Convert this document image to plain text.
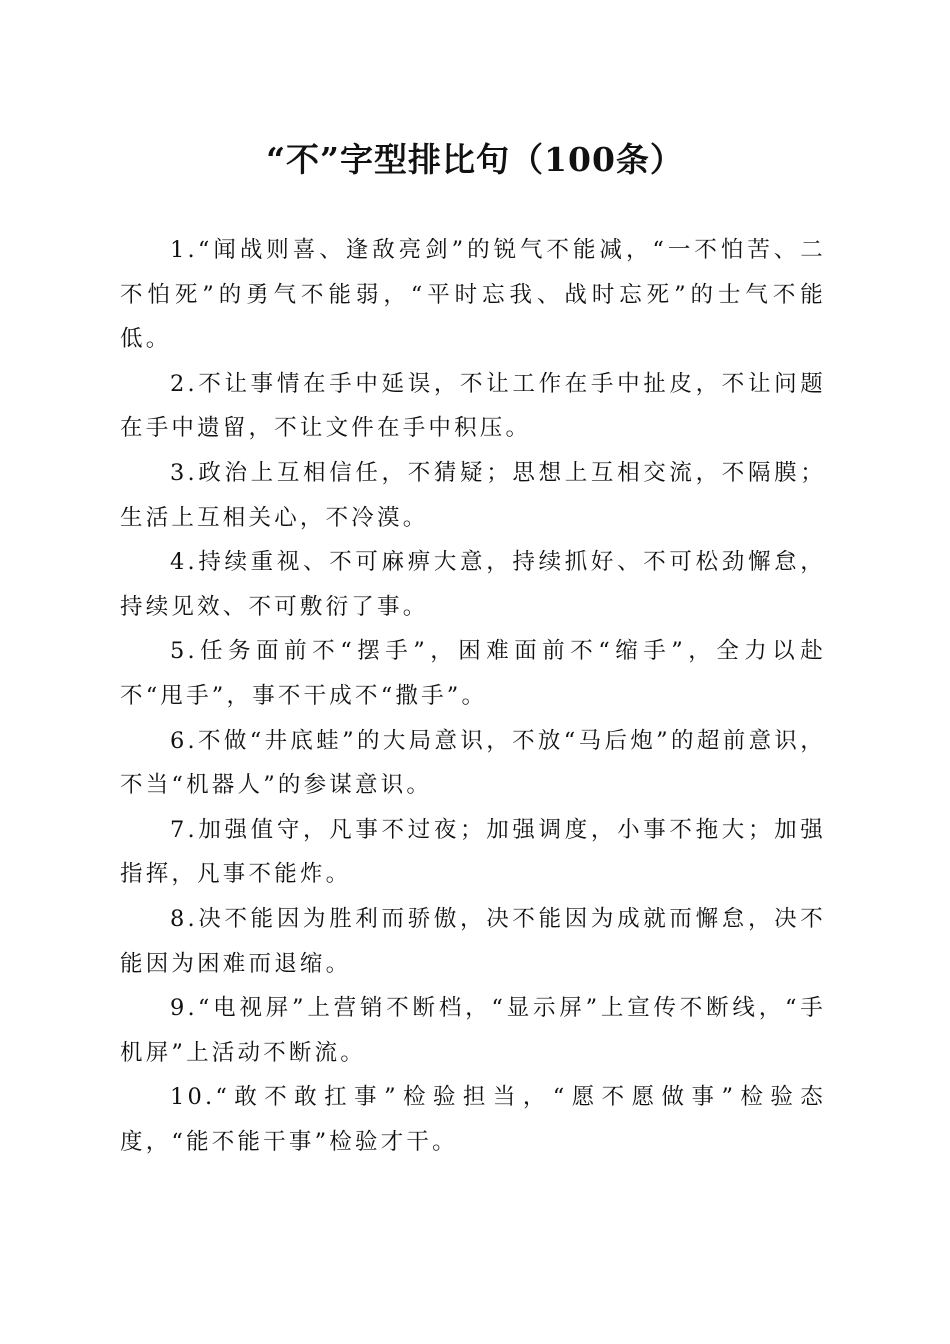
“不”字型排比句（100条）

1.“闻战则喜、逢敌亮剑”的锐气不能减，“一不怕苦、二不怕死”的勇气不能弱，“平时忘我、战时忘死”的士气不能低。

2.不让事情在手中延误，不让工作在手中扯皮，不让问题在手中遗留，不让文件在手中积压。

3.政治上互相信任，不猜疑；思想上互相交流，不隔膜；生活上互相关心，不冷漠。

4.持续重视、不可麻痹大意，持续抓好、不可松劲懈怠，持续见效、不可敷衍了事。

5.任务面前不“摆手”，困难面前不“缩手”，全力以赴不“甩手”，事不干成不“撒手”。

6.不做“井底蛙”的大局意识，不放“马后炮”的超前意识，不当“机器人”的参谋意识。

7.加强值守，凡事不过夜；加强调度，小事不拖大；加强指挥，凡事不能炸。

8.决不能因为胜利而骄傲，决不能因为成就而懈怠，决不能因为困难而退缩。

9.“电视屏”上营销不断档，“显示屏”上宣传不断线，“手机屏”上活动不断流。

10.“敢不敢扛事”检验担当，“愿不愿做事”检验态度，“能不能干事”检验才干。
